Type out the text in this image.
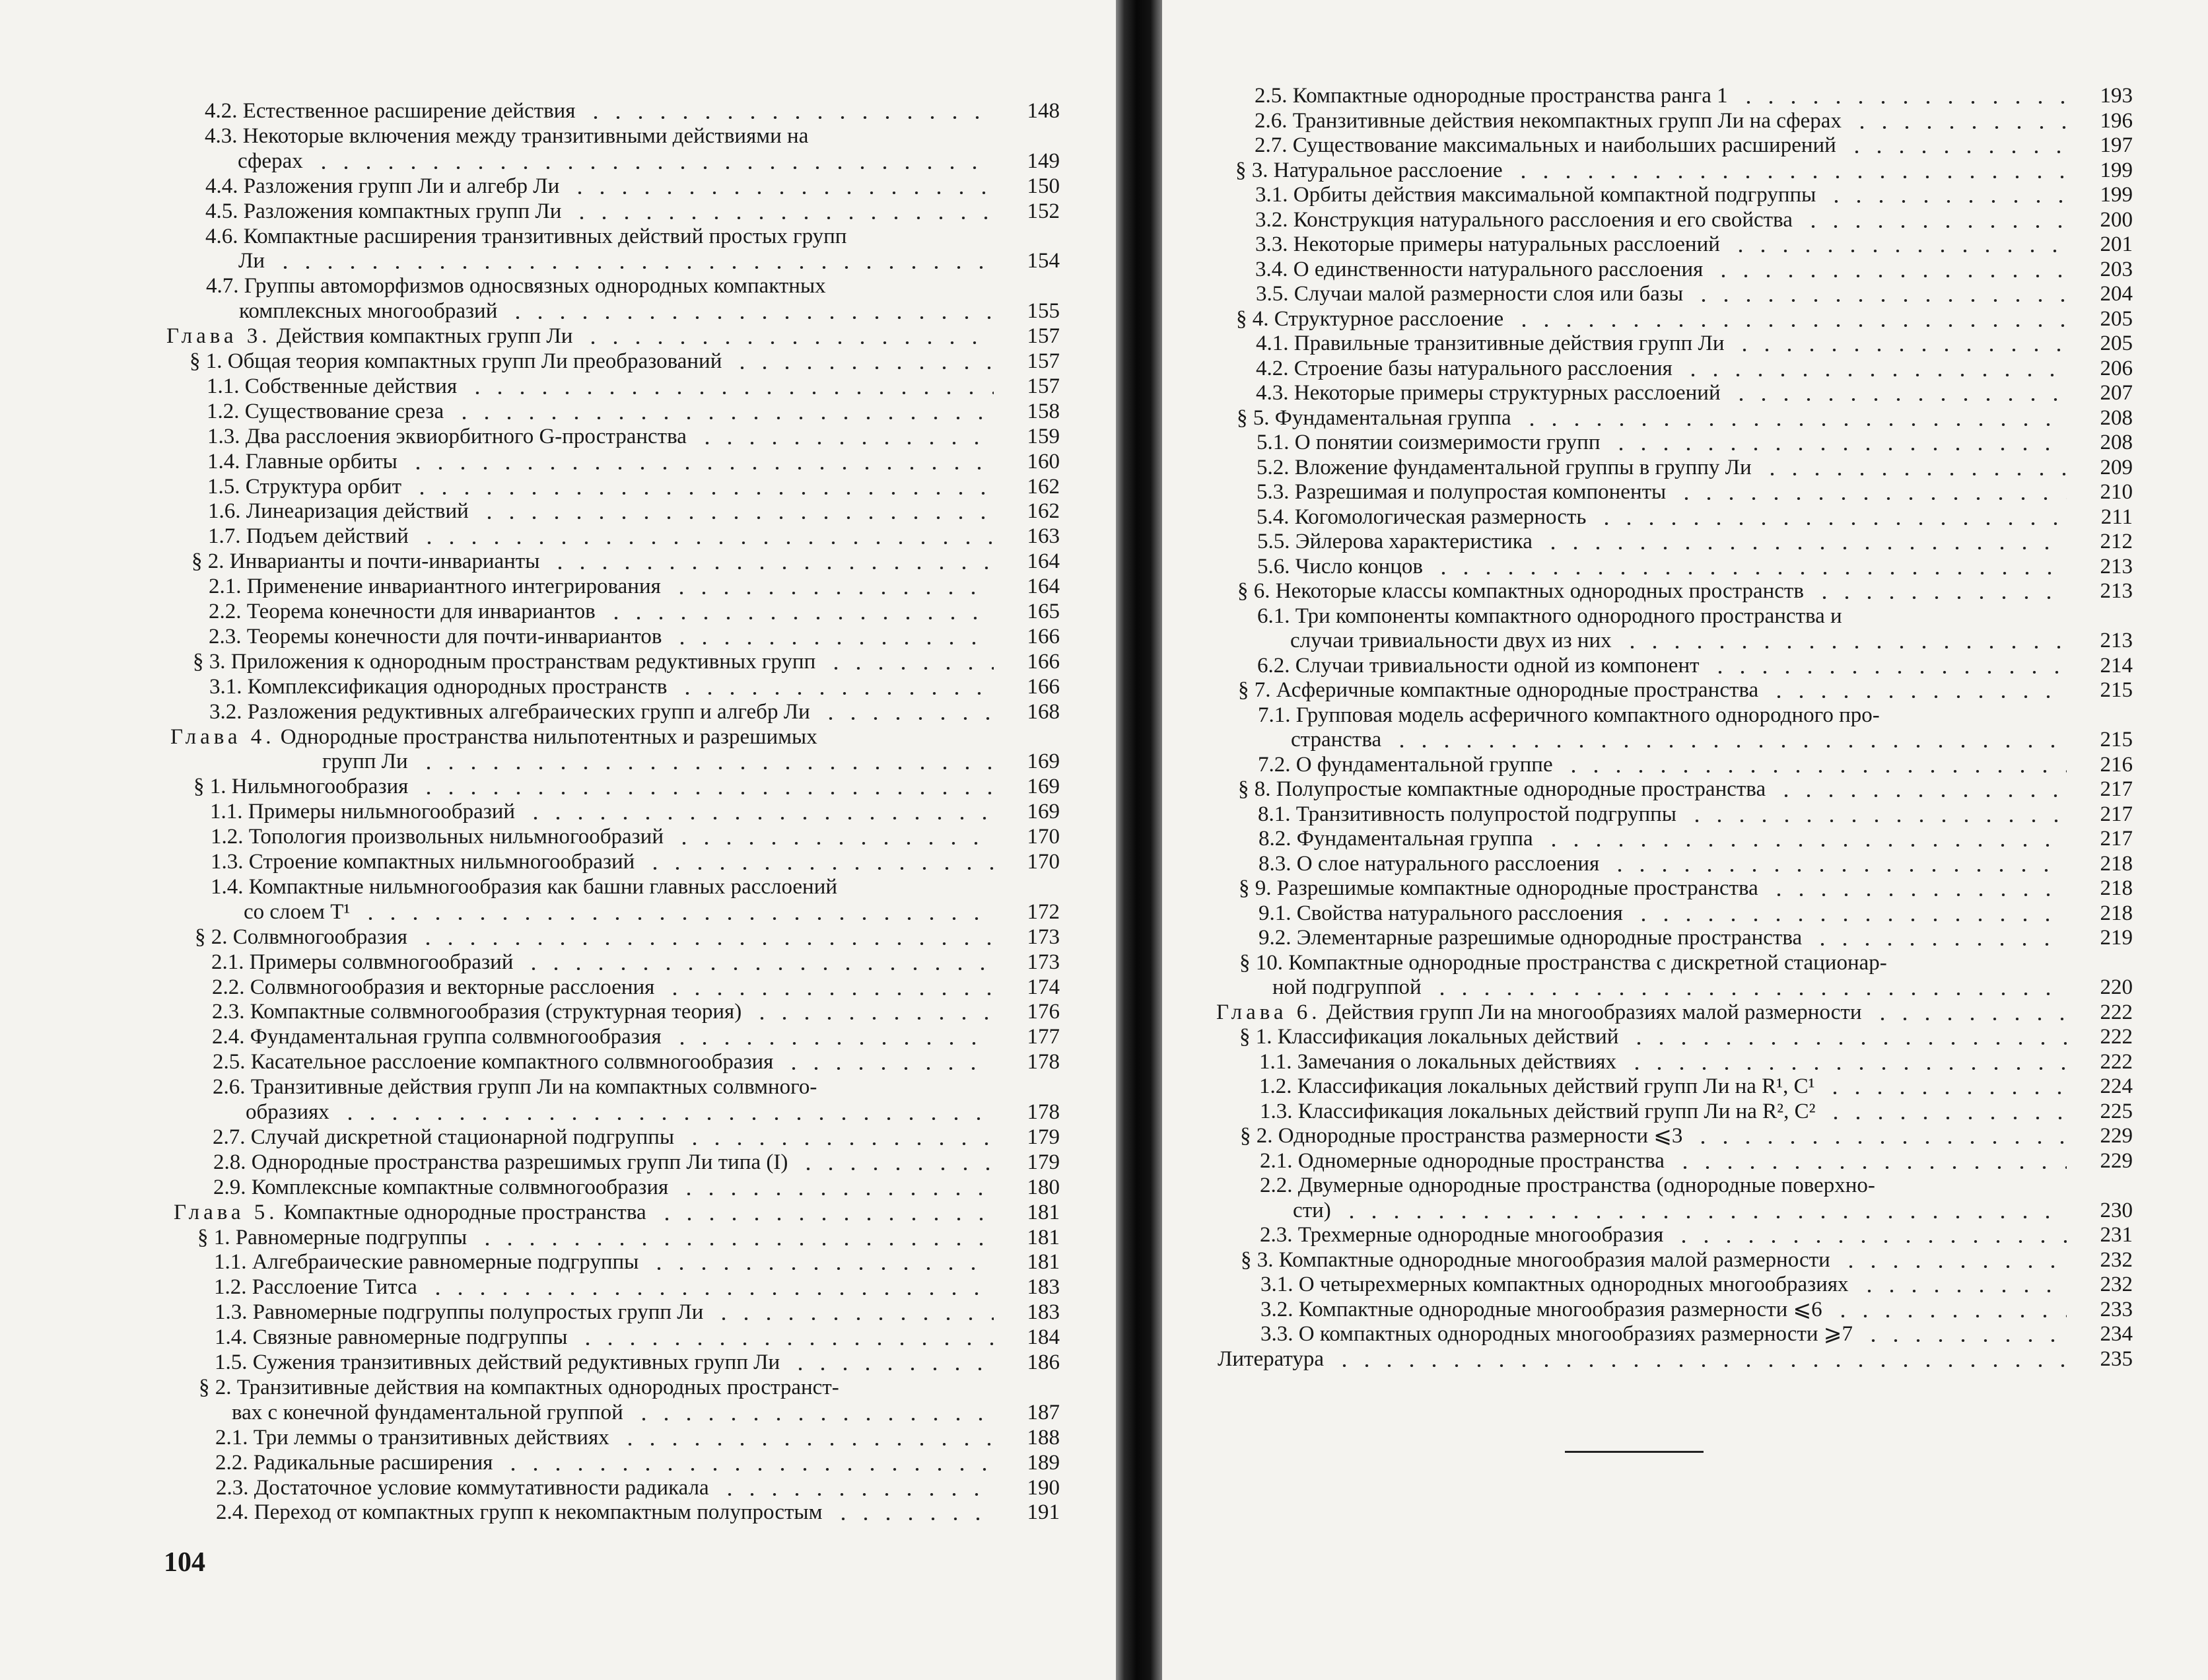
4.2. Естественное расширение действия	148
4.3. Некоторые включения между транзитивными действиями на
сферах	149
4.4. Разложения групп Ли и алгебр Ли	150
4.5. Разложения компактных групп Ли	152
4.6. Компактные расширения транзитивных действий простых групп
Ли	154
4.7. Группы автоморфизмов односвязных однородных компактных
комплексных многообразий	155
Глава 3. Действия компактных групп Ли	157
§ 1. Общая теория компактных групп Ли преобразований	157
1.1. Собственные действия	157
1.2. Существование среза	158
1.3. Два расслоения эквиорбитного G-пространства	159
1.4. Главные орбиты	160
1.5. Структура орбит	162
1.6. Линеаризация действий	162
1.7. Подъем действий	163
§ 2. Инварианты и почти-инварианты	164
2.1. Применение инвариантного интегрирования	164
2.2. Теорема конечности для инвариантов	165
2.3. Теоремы конечности для почти-инвариантов	166
§ 3. Приложения к однородным пространствам редуктивных групп	166
3.1. Комплексификация однородных пространств	166
3.2. Разложения редуктивных алгебраических групп и алгебр Ли	168
Глава 4. Однородные пространства нильпотентных и разрешимых
групп Ли	169
§ 1. Нильмногообразия	169
1.1. Примеры нильмногообразий	169
1.2. Топология произвольных нильмногообразий	170
1.3. Строение компактных нильмногообразий	170
1.4. Компактные нильмногообразия как башни главных расслоений
со слоем T¹	172
§ 2. Солвмногообразия	173
2.1. Примеры солвмногообразий	173
2.2. Солвмногообразия и векторные расслоения	174
2.3. Компактные солвмногообразия (структурная теория)	176
2.4. Фундаментальная группа солвмногообразия	177
2.5. Касательное расслоение компактного солвмногообразия	178
2.6. Транзитивные действия групп Ли на компактных солвмного-
образиях	178
2.7. Случай дискретной стационарной подгруппы	179
2.8. Однородные пространства разрешимых групп Ли типа (I)	179
2.9. Комплексные компактные солвмногообразия	180
Глава 5. Компактные однородные пространства	181
§ 1. Равномерные подгруппы	181
1.1. Алгебраические равномерные подгруппы	181
1.2. Расслоение Титса	183
1.3. Равномерные подгруппы полупростых групп Ли	183
1.4. Связные равномерные подгруппы	184
1.5. Сужения транзитивных действий редуктивных групп Ли	186
§ 2. Транзитивные действия на компактных однородных пространст-
вах с конечной фундаментальной группой	187
2.1. Три леммы о транзитивных действиях	188
2.2. Радикальные расширения	189
2.3. Достаточное условие коммутативности радикала	190
2.4. Переход от компактных групп к некомпактным полупростым	191
104
2.5. Компактные однородные пространства ранга 1	193
2.6. Транзитивные действия некомпактных групп Ли на сферах	196
2.7. Существование максимальных и наибольших расширений	197
§ 3. Натуральное расслоение	199
3.1. Орбиты действия максимальной компактной подгруппы	199
3.2. Конструкция натурального расслоения и его свойства	200
3.3. Некоторые примеры натуральных расслоений	201
3.4. О единственности натурального расслоения	203
3.5. Случаи малой размерности слоя или базы	204
§ 4. Структурное расслоение	205
4.1. Правильные транзитивные действия групп Ли	205
4.2. Строение базы натурального расслоения	206
4.3. Некоторые примеры структурных расслоений	207
§ 5. Фундаментальная группа	208
5.1. О понятии соизмеримости групп	208
5.2. Вложение фундаментальной группы в группу Ли	209
5.3. Разрешимая и полупростая компоненты	210
5.4. Когомологическая размерность	211
5.5. Эйлерова характеристика	212
5.6. Число концов	213
§ 6. Некоторые классы компактных однородных пространств	213
6.1. Три компоненты компактного однородного пространства и
случаи тривиальности двух из них	213
6.2. Случаи тривиальности одной из компонент	214
§ 7. Асферичные компактные однородные пространства	215
7.1. Групповая модель асферичного компактного однородного про-
странства	215
7.2. О фундаментальной группе	216
§ 8. Полупростые компактные однородные пространства	217
8.1. Транзитивность полупростой подгруппы	217
8.2. Фундаментальная группа	217
8.3. О слое натурального расслоения	218
§ 9. Разрешимые компактные однородные пространства	218
9.1. Свойства натурального расслоения	218
9.2. Элементарные разрешимые однородные пространства	219
§ 10. Компактные однородные пространства с дискретной стационар-
ной подгруппой	220
Глава 6. Действия групп Ли на многообразиях малой размерности	222
§ 1. Классификация локальных действий	222
1.1. Замечания о локальных действиях	222
1.2. Классификация локальных действий групп Ли на R¹, C¹	224
1.3. Классификация локальных действий групп Ли на R², C²	225
§ 2. Однородные пространства размерности ⩽3	229
2.1. Одномерные однородные пространства	229
2.2. Двумерные однородные пространства (однородные поверхно-
сти)	230
2.3. Трехмерные однородные многообразия	231
§ 3. Компактные однородные многообразия малой размерности	232
3.1. О четырехмерных компактных однородных многообразиях	232
3.2. Компактные однородные многообразия размерности ⩽6	233
3.3. О компактных однородных многообразиях размерности ⩾7	234
Литература	235
